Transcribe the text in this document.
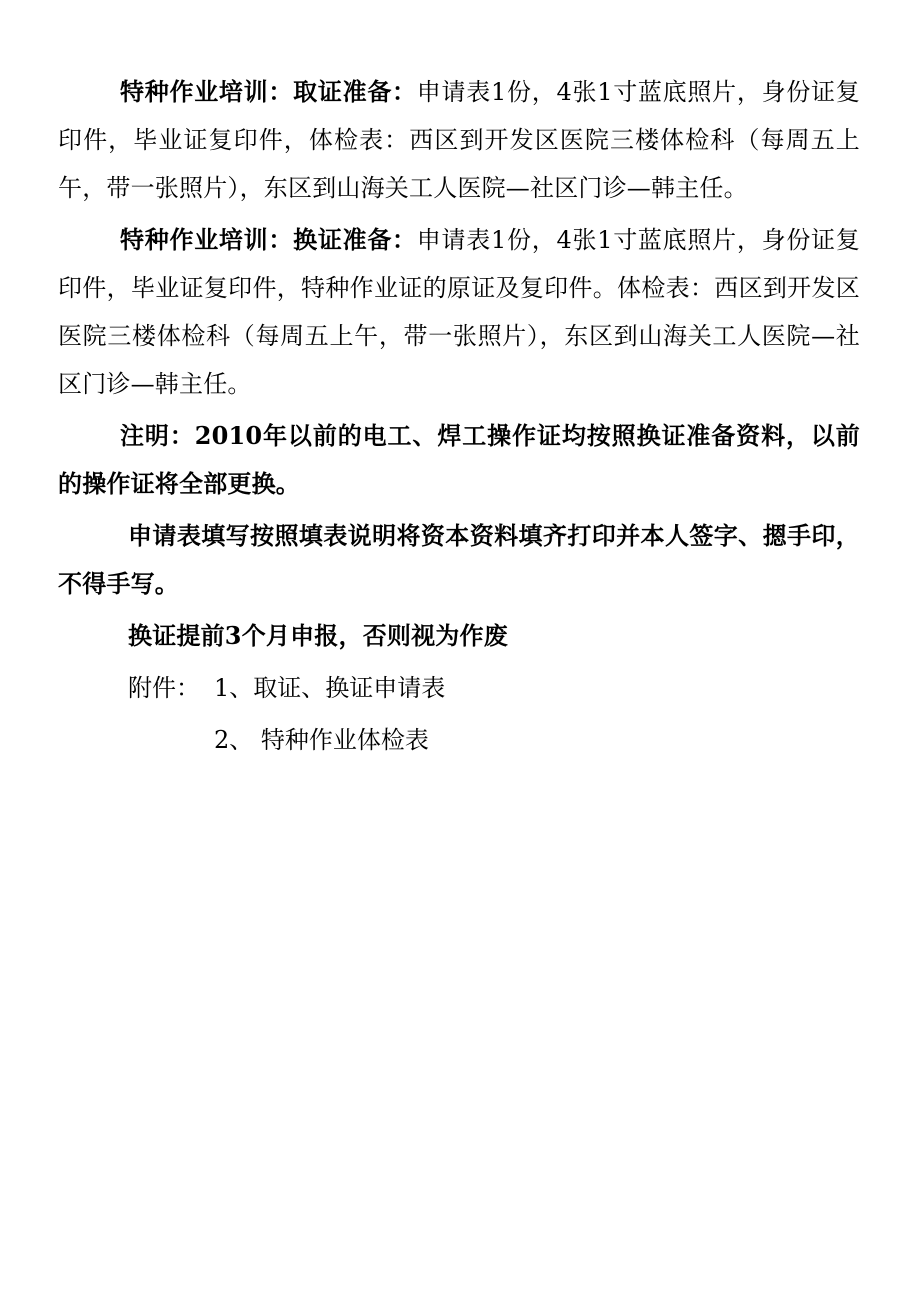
特种作业培训：取证准备：申请表1份，4张1寸蓝底照片，身份证复印件，毕业证复印件，体检表：西区到开发区医院三楼体检科（每周五上午，带一张照片），东区到山海关工人医院—社区门诊—韩主任。

特种作业培训：换证准备：申请表1份，4张1寸蓝底照片，身份证复印件，毕业证复印件，特种作业证的原证及复印件。体检表：西区到开发区医院三楼体检科（每周五上午，带一张照片），东区到山海关工人医院—社区门诊—韩主任。

注明：2010年以前的电工、焊工操作证均按照换证准备资料，以前的操作证将全部更换。

申请表填写按照填表说明将资本资料填齐打印并本人签字、摁手印，不得手写。

换证提前3个月申报，否则视为作废

附件： 1、取证、换证申请表

2、 特种作业体检表
